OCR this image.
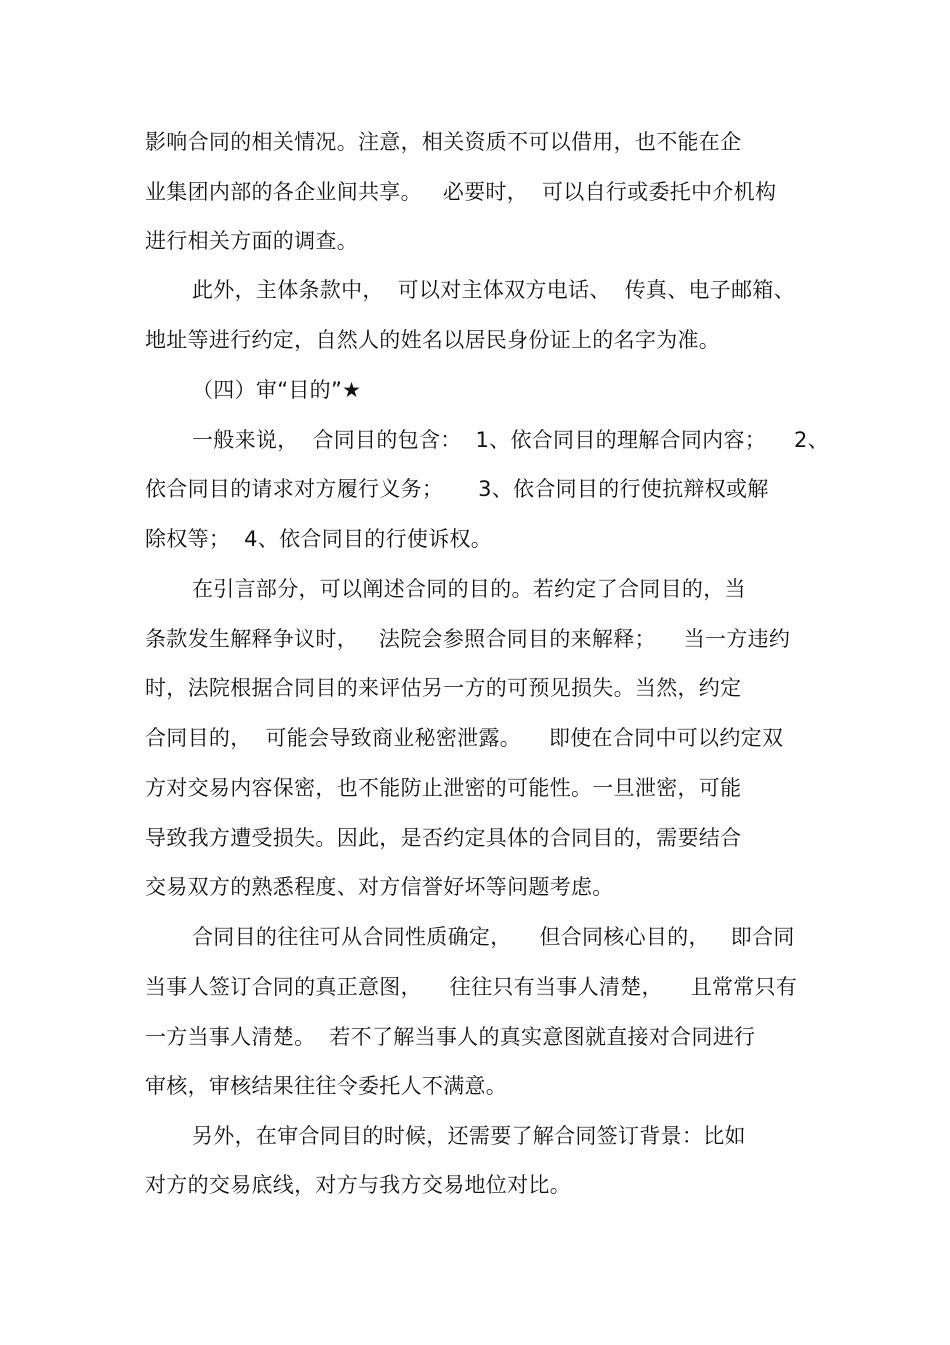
影响合同的相关情况。注意，相关资质不可以借用，也不能在企

业集团内部的各企业间共享。   必要时，  可以自行或委托中介机构

进行相关方面的调查。

此外，主体条款中，  可以对主体双方电话、  传真、电子邮箱、

地址等进行约定，自然人的姓名以居民身份证上的名字为准。

（四）审“目的”★

一般来说，  合同目的包含：  1、依合同目的理解合同内容；    2、

依合同目的请求对方履行义务；     3、依合同目的行使抗辩权或解

除权等；  4、依合同目的行使诉权。

在引言部分，可以阐述合同的目的。若约定了合同目的，当

条款发生解释争议时，   法院会参照合同目的来解释；    当一方违约

时，法院根据合同目的来评估另一方的可预见损失。当然，约定

合同目的，  可能会导致商业秘密泄露。    即使在合同中可以约定双

方对交易内容保密，也不能防止泄密的可能性。一旦泄密，可能

导致我方遭受损失。因此，是否约定具体的合同目的，需要结合

交易双方的熟悉程度、对方信誉好坏等问题考虑。

合同目的往往可从合同性质确定，    但合同核心目的，   即合同

当事人签订合同的真正意图，    往往只有当事人清楚，    且常常只有

一方当事人清楚。  若不了解当事人的真实意图就直接对合同进行

审核，审核结果往往令委托人不满意。

另外，在审合同目的时候，还需要了解合同签订背景：比如

对方的交易底线，对方与我方交易地位对比。
